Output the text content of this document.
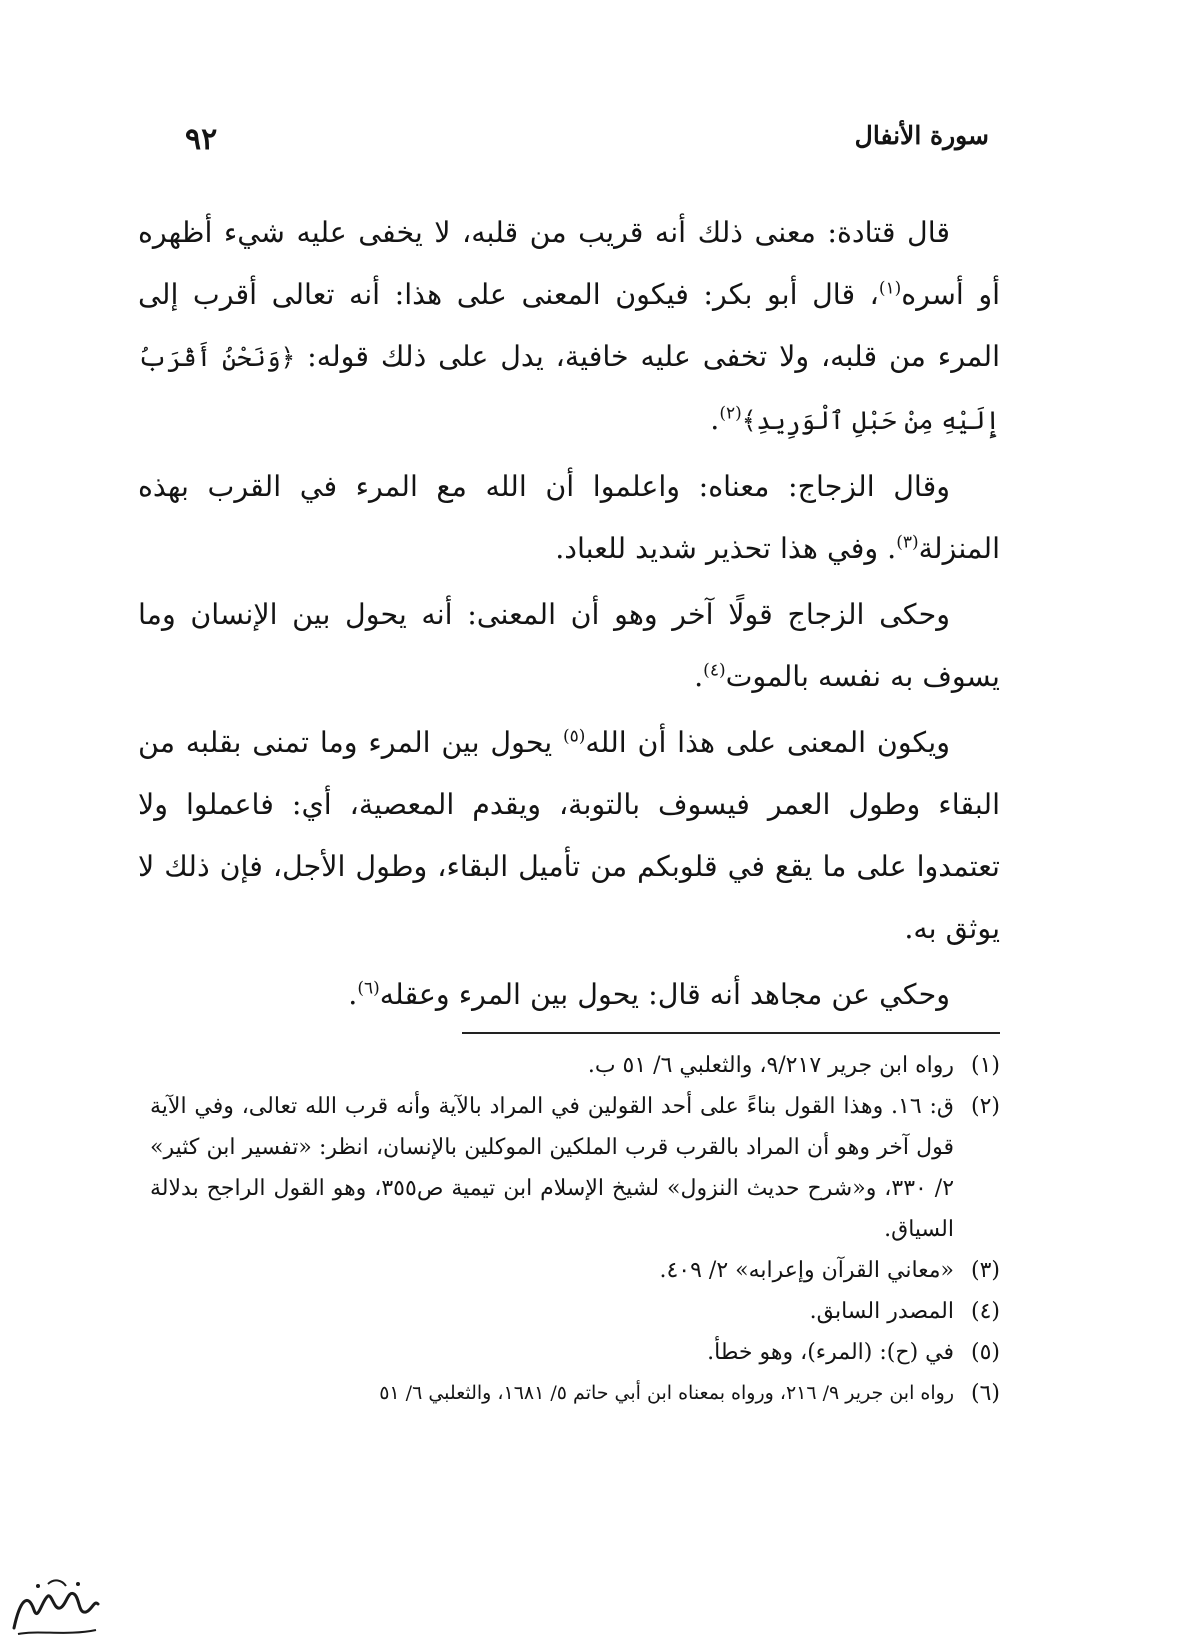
سورة الأنفال
٩٢

قال قتادة: معنى ذلك أنه قريب من قلبه، لا يخفى عليه شيء أظهره أو أسره$^{(١)}$، قال أبو بكر: فيكون المعنى على هذا: أنه تعالى أقرب إلى المرء من قلبه، ولا تخفى عليه خافية، يدل على ذلك قوله: ﴿وَنَحْنُ أَقْرَبُ إِلَيْهِ مِنْ حَبْلِ ٱلْوَرِيدِ﴾$^{(٢)}$.

وقال الزجاج: معناه: واعلموا أن الله مع المرء في القرب بهذه المنزلة$^{(٣)}$. وفي هذا تحذير شديد للعباد.

وحكى الزجاج قولًا آخر وهو أن المعنى: أنه يحول بين الإنسان وما يسوف به نفسه بالموت$^{(٤)}$.

ويكون المعنى على هذا أن الله$^{(٥)}$ يحول بين المرء وما تمنى بقلبه من البقاء وطول العمر فيسوف بالتوبة، ويقدم المعصية، أي: فاعملوا ولا تعتمدوا على ما يقع في قلوبكم من تأميل البقاء، وطول الأجل، فإن ذلك لا يوثق به.

وحكي عن مجاهد أنه قال: يحول بين المرء وعقله$^{(٦)}$.

(١)
رواه ابن جرير ٩/٢١٧، والثعلبي ٦/ ٥١ ب.
(٢)
ق: ١٦. وهذا القول بناءً على أحد القولين في المراد بالآية وأنه قرب الله تعالى، وفي الآية قول آخر وهو أن المراد بالقرب قرب الملكين الموكلين بالإنسان، انظر: «تفسير ابن كثير» ٢/ ٣٣٠، و«شرح حديث النزول» لشيخ الإسلام ابن تيمية ص٣٥٥، وهو القول الراجح بدلالة السياق.
(٣)
«معاني القرآن وإعرابه» ٢/ ٤٠٩.
(٤)
المصدر السابق.
(٥)
في (ح): (المرء)، وهو خطأ.
(٦)
رواه ابن جرير ٩/ ٢١٦، ورواه بمعناه ابن أبي حاتم ٥/ ١٦٨١، والثعلبي ٦/ ٥١
